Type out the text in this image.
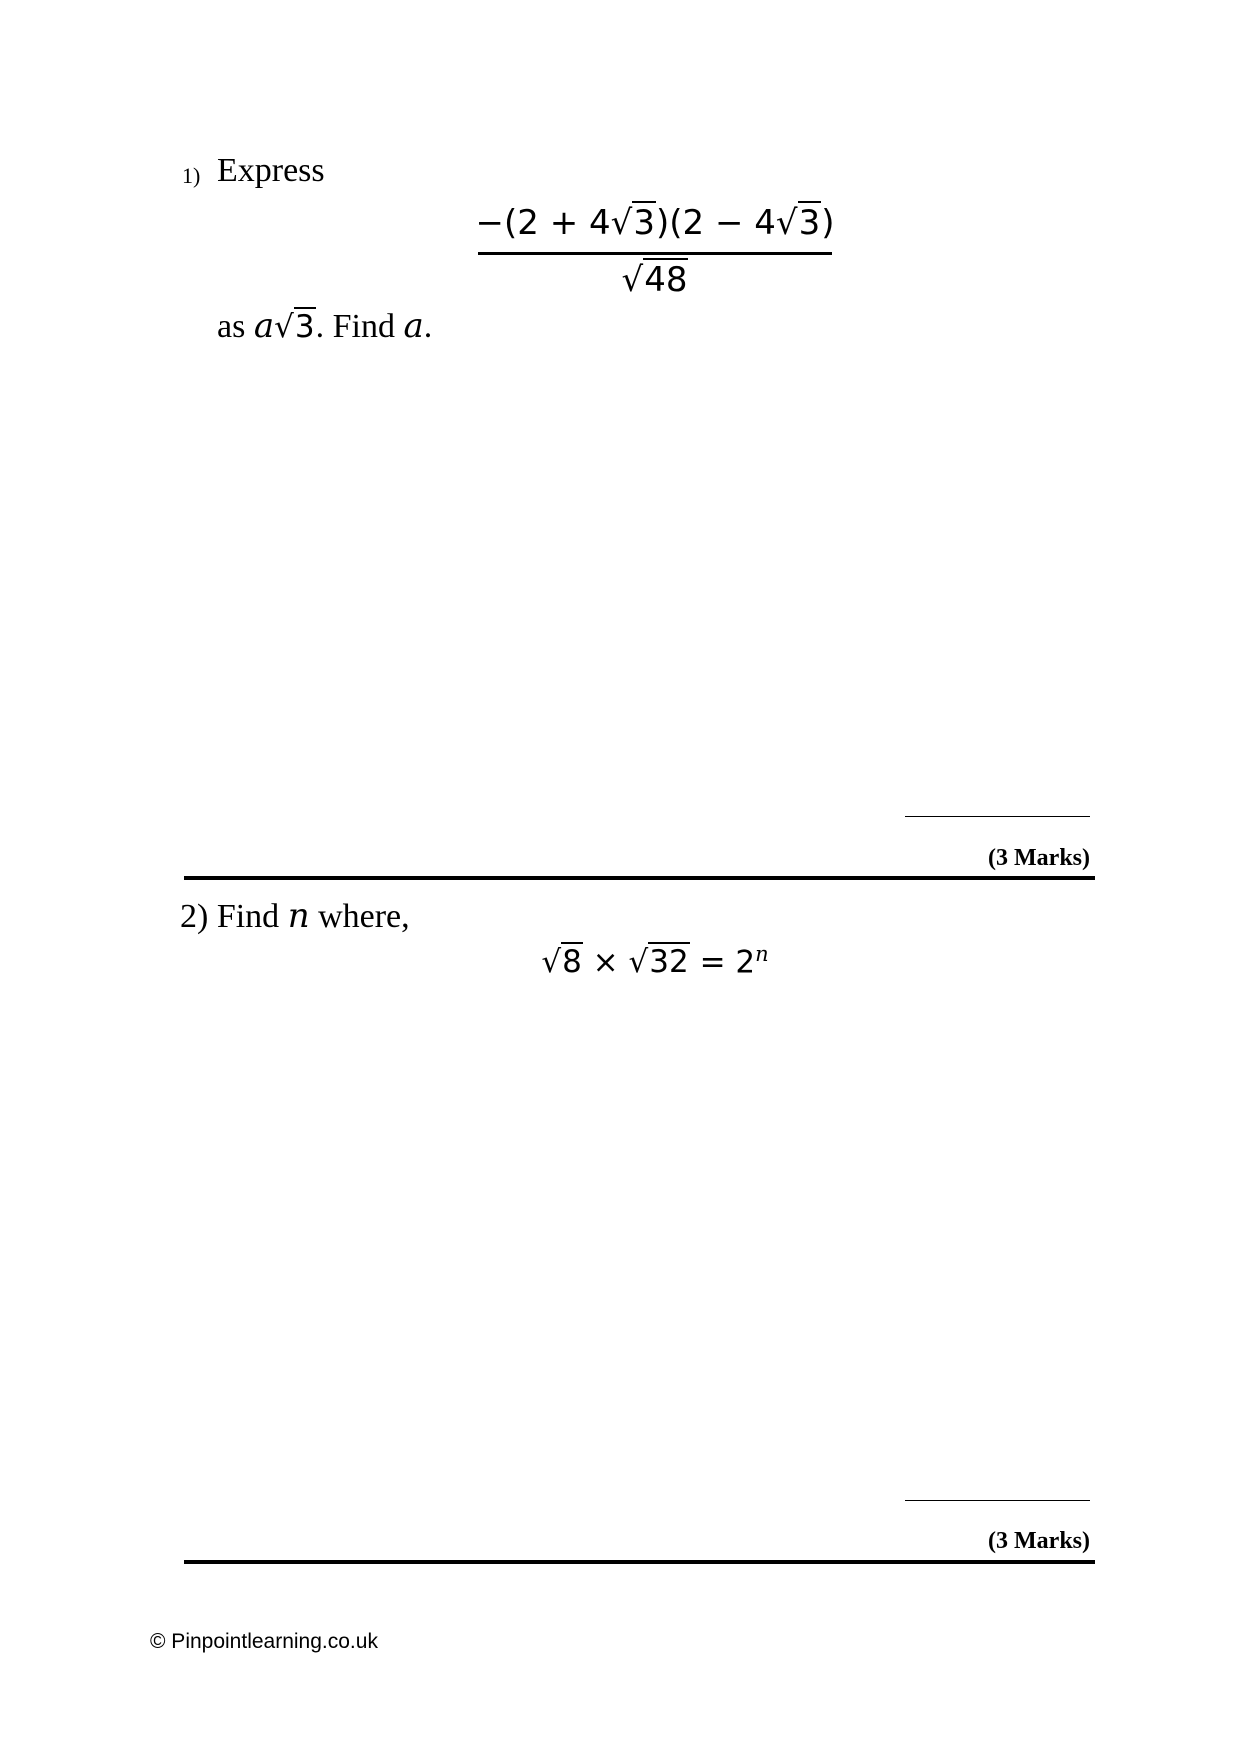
1) Express
−(2 + 4√3)(2 − 4√3)
√48
as a√3. Find a.
(3 Marks)
2) Find n where,
$√8 \times √32 = 2^n$
(3 Marks)
© Pinpointlearning.co.uk
